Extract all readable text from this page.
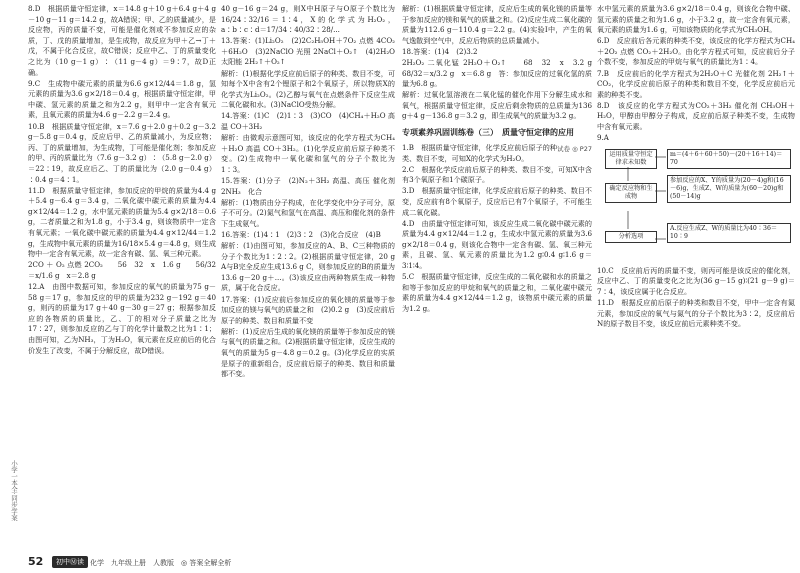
8.D　根据质量守恒定律，x＝14.8 g＋10 g＋6.4 g＋4 g－10 g－11 g＝14.2 g，故A错误；甲、乙的质量减少，是反应物，丙的质量不变，可能是催化剂或不参加反应的杂质，丁、戊的质量增加，是生成物，故反应为甲＋乙→丁＋戊，不属于化合反应，故C错误；反应中乙、丁的质量变化之比为（10 g－1 g）∶（11 g－4 g）＝9∶7，故D正确。

9.C　生成物中碳元素的质量为6.6 g×12/44＝1.8 g，氢元素的质量为3.6 g×2/18＝0.4 g，根据质量守恒定律，甲中碳、氢元素的质量之和为2.2 g，则甲中一定含有氧元素，且氧元素的质量为4.6 g－2.2 g＝2.4 g。

10.B　根据质量守恒定律，x＝7.6 g＋2.0 g＋0.2 g－3.2 g－5.8 g＝0.4 g，反应后甲、乙的质量减小，为反应物；丙、丁的质量增加，为生成物，丁可能是催化剂；参加反应的甲、丙的质量比为（7.6 g－3.2 g）∶（5.8 g－2.0 g）＝22∶19，故反应后乙、丁的质量比为（2.0 g－0.4 g）∶0.4 g＝4∶1。

11.D　根据质量守恒定律，参加反应的甲烷的质量为4.4 g＋5.4 g－6.4 g＝3.4 g，二氧化碳中碳元素的质量为4.4 g×12/44＝1.2 g，水中氢元素的质量为5.4 g×2/18＝0.6 g，二者质量之和为1.8 g，小于3.4 g，则该物质中一定含有氧元素；一氧化碳中碳元素的质量为4.4 g×12/44＝1.2 g，生成物中氧元素的质量为16/18×5.4 g＝4.8 g，则生成物中一定含有氧元素，故一定含有碳、氢、氧三种元素。

2CO ＋ O₂ 点燃 2CO₂　　56　32　x　1.6 g　　56/32＝x/1.6 g　x＝2.8 g

12.A　由图中数据可知，参加反应的氧气的质量为75 g－58 g＝17 g，参加反应的甲的质量为232 g－192 g＝40 g，则丙的质量为17 g＋40 g－30 g＝27 g；根据参加反应的各物质的质量比，乙、丁的相对分子质量之比为17∶27，则参加反应的乙与丁的化学计量数之比为1∶1；由图可知，乙为NH₃，丁为H₂O，氧元素在反应前后的化合价发生了改变，不属于分解反应，故D错误。

40 g－16 g＝24 g，则X中H原子与O原子个数比为16/24∶32/16＝1∶4，X的化学式为H₂O₂，a∶b∶c∶d＝17/34∶40/32∶28/...

13.答案：(1)Li₂O₂　(2)2C₂H₅OH＋7O₂ 点燃 4CO₂＋6H₂O　(3)2NaClO 光照 2NaCl＋O₂↑　(4)2H₂O 太阳能 2H₂↑＋O₂↑

解析：(1)根据化学反应前后原子的种类、数目不变，可知每个X中含有2个锂原子和2个氧原子，所以物质X的化学式为Li₂O₂。(2)乙醇与氧气在点燃条件下反应生成二氧化碳和水。(3)NaClO受热分解。

14.答案：(1)C　(2)1∶3　(3)CO　(4)CH₄＋H₂O 高温 CO＋3H₂

解析：由微观示意图可知，该反应的化学方程式为CH₄＋H₂O 高温 CO＋3H₂。(1)化学反应前后原子种类不变。(2)生成物中一氧化碳和氢气的分子个数比为1∶3。

15.答案：(1)分子　(2)N₂＋3H₂ 高温、高压 催化剂 2NH₃　化合

解析：(1)物质由分子构成，在化学变化中分子可分，原子不可分。(2)氮气和氢气在高温、高压和催化剂的条件下生成氨气。

16.答案：(1)4∶1　(2)3∶2　(3)化合反应　(4)B

解析：(1)由图可知，参加反应的A、B、C三种物质的分子个数比为1∶2∶2。(2)根据质量守恒定律，20 g A与B完全反应生成13.6 g C，则参加反应的B的质量为13.6 g－20 g＋...。(3)该反应由两种物质生成一种物质，属于化合反应。

17.答案：(1)反应前后参加反应的氧化镁的质量等于参加反应的镁与氧气的质量之和　(2)0.2 g　(3)反应前后原子的种类、数目和质量不变

解析：(1)反应后生成的氧化镁的质量等于参加反应的镁与氧气的质量之和。(2)根据质量守恒定律，反应生成的氧气的质量为5 g－4.8 g＝0.2 g。(3)化学反应的实质是原子的重新组合，反应前后原子的种类、数目和质量都不变。

解析：(1)根据质量守恒定律，反应后生成的氧化镁的质量等于参加反应的镁和氧气的质量之和。(2)反应生成二氧化碳的质量为112.6 g－110.4 g＝2.2 g。(4)实验Ⅰ中，产生的氧气逸散到空气中，反应后物质的总质量减小。

18.答案：(1)4　(2)3.2

2H₂O₂ 二氧化锰 2H₂O＋O₂↑　　68　32　x　3.2 g　　68/32＝x/3.2 g　x＝6.8 g　答：参加反应的过氧化氢的质量为6.8 g。

解析：过氧化氢溶液在二氧化锰的催化作用下分解生成水和氧气，根据质量守恒定律，反应后剩余物质的总质量为136 g＋4 g－136.8 g＝3.2 g，即生成氧气的质量为3.2 g。

专项素养巩固训练卷（三）　质量守恒定律的应用
试卷 ◎ P27

1.B　根据质量守恒定律，化学反应前后原子的种类、数目不变，可知X的化学式为H₂O。

2.C　根据化学反应前后原子的种类、数目不变，可知X中含有3个氧原子和1个碳原子。

3.D　根据质量守恒定律，化学反应前后原子的种类、数目不变，反应前有8个氧原子，反应后已有7个氧原子，不可能生成二氧化碳。

4.D　由质量守恒定律可知，该反应生成二氧化碳中碳元素的质量为4.4 g×12/44＝1.2 g，生成水中氢元素的质量为3.6 g×2/18＝0.4 g，则该化合物中一定含有碳、氢、氧三种元素，且碳、氢、氧元素的质量比为1.2 g∶0.4 g∶1.6 g＝3∶1∶4。

5.C　根据质量守恒定律，反应生成的二氧化碳和水的质量之和等于参加反应的甲烷和氧气的质量之和，二氧化碳中碳元素的质量为4.4 g×12/44＝1.2 g，该物质中碳元素的质量为1.2 g。

水中氢元素的质量为3.6 g×2/18＝0.4 g，则该化合物中碳、氢元素的质量之和为1.6 g，小于3.2 g，故一定含有氧元素，氧元素的质量为1.6 g，可知该物质的化学式为CH₃OH。

6.D　反应前后各元素的种类不变，该反应的化学方程式为CH₄＋2O₂ 点燃 CO₂＋2H₂O。由化学方程式可知，反应前后分子个数不变，参加反应的甲烷与氧气的质量比为1∶4。

7.B　反应前后的化学方程式为2H₂O＋C 光催化剂 2H₂↑＋CO₂，化学反应前后原子的种类和数目不变，化学反应前后元素的种类不变。

8.D　该反应的化学方程式为CO₂＋3H₂ 催化剂 CH₃OH＋H₂O，甲醇由甲醇分子构成，反应前后原子种类不变，生成物中含有氧元素。

9.A

运用质量守恒定律求未知数
m＝(4＋6＋60＋50)－(20＋16＋14)＝70
确定反应物和生成物
参加反应的X、Y的质量为(20－4)g和(16－6)g，生成Z、W的质量为(60－20)g和(50－14)g
分析选项
A.反应生成Z、W的质量比为40∶36＝10∶9

10.C　反应前后丙的质量不变，则丙可能是该反应的催化剂，反应中乙、丁的质量变化之比为(36 g－15 g)∶(21 g－9 g)＝7∶4，该反应属于化合反应。

11.D　根据反应前后原子的种类和数目不变，甲中一定含有氮元素，参加反应的氧气与氮气的分子个数比为3∶2，反应前后N的原子数目不变，该反应前后元素种类不变。

小学一本全·同步学案
52	初中Ⓜ读 化学　九年级上册　人教版　◎ 答案全解全析
